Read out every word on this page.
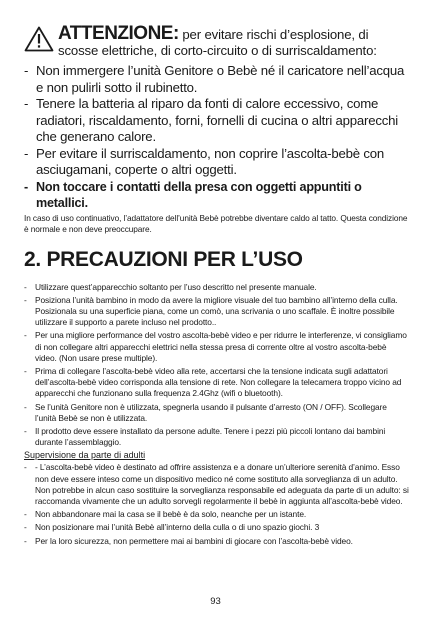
ATTENZIONE: per evitare rischi d’esplosione, di scosse elettriche, di corto-circuito o di surriscaldamento:
- Non immergere l’unità Genitore o Bebè né il caricatore nell’acqua e non pulirli sotto il rubinetto.
- Tenere la batteria al riparo da fonti di calore eccessivo, come radiatori, riscaldamento, forni, fornelli di cucina o altri apparecchi che generano calore.
- Per evitare il surriscaldamento, non coprire l’ascolta-bebè con asciugamani, coperte o altri oggetti.
- Non toccare i contatti della presa con oggetti appuntiti o metallici.
In caso di uso continuativo, l’adattatore dell’unità Bebè potrebbe diventare caldo al tatto. Questa condizione è normale e non deve preoccupare.
2. PRECAUZIONI PER L’USO
- Utilizzare quest’apparecchio soltanto per l’uso descritto nel presente manuale.
- Posiziona l’unità bambino in modo da avere la migliore visuale del tuo bambino all’interno della culla. Posizionala su una superficie piana, come un comò, una scrivania o uno scaffale. È inoltre possibile utilizzare il supporto a parete incluso nel prodotto..
- Per una migliore performance del vostro ascolta-bebè video e per ridurre le interferenze, vi consigliamo di non collegare altri apparecchi elettrici nella stessa presa di corrente oltre al vostro ascolta-bebè video. (Non usare prese multiple).
- Prima di collegare l’ascolta-bebè video alla rete, accertarsi che la tensione indicata sugli adattatori dell’ascolta-bebè video corrisponda alla tensione di rete. Non collegare la telecamera troppo vicino ad apparecchi che funzionano sulla frequenza 2.4Ghz (wifi o bluetooth).
- Se l’unità Genitore non è utilizzata, spegnerla usando il pulsante d’arresto (ON / OFF). Scollegare l’unità Bebè se non è utilizzata.
- Il prodotto deve essere installato da persone adulte. Tenere i pezzi più piccoli lontano dai bambini durante l’assemblaggio.
Supervisione da parte di adulti
- - L’ascolta-bebè video è destinato ad offrire assistenza e a donare un’ulteriore serenità d’animo. Esso non deve essere inteso come un dispositivo medico né come sostituto alla sorveglianza di un adulto. Non potrebbe in alcun caso sostituire la sorveglianza responsabile ed adeguata da parte di un adulto: si raccomanda vivamente che un adulto sorvegli regolarmente il bebè in aggiunta all’ascolta-bebè video.
- Non abbandonare mai la casa se il bebè è da solo, neanche per un istante.
- Non posizionare mai l’unità Bebè all’interno della culla o di uno spazio giochi. 3
- Per la loro sicurezza, non permettere mai ai bambini di giocare con l’ascolta-bebè video.
93
